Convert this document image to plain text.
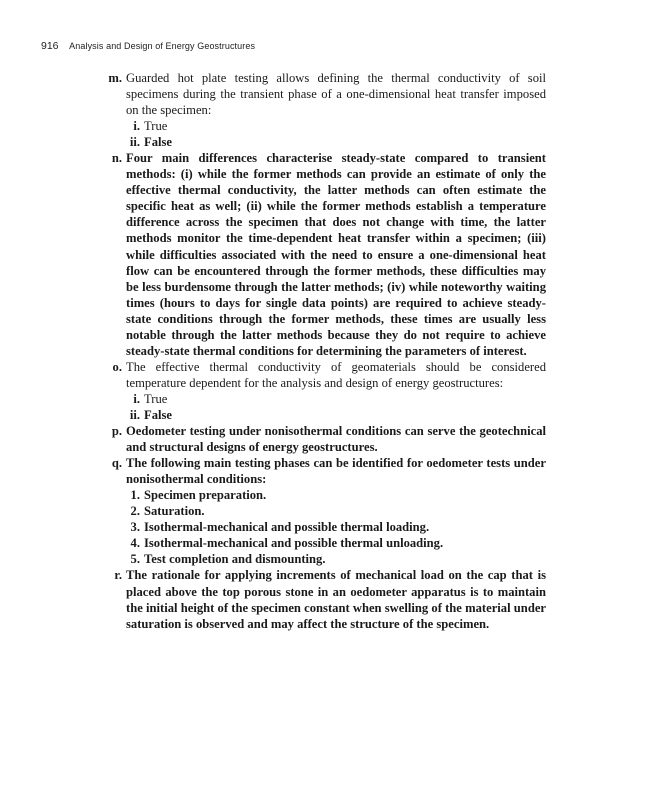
916 Analysis and Design of Energy Geostructures
m. Guarded hot plate testing allows defining the thermal conductivity of soil specimens during the transient phase of a one-dimensional heat transfer imposed on the specimen:
i. True
ii. False
n. Four main differences characterise steady-state compared to transient methods: (i) while the former methods can provide an estimate of only the effective thermal conductivity, the latter methods can often estimate the specific heat as well; (ii) while the former methods establish a temperature difference across the specimen that does not change with time, the latter methods monitor the time-dependent heat transfer within a specimen; (iii) while difficulties associated with the need to ensure a one-dimensional heat flow can be encountered through the former methods, these difficulties may be less burdensome through the latter methods; (iv) while noteworthy waiting times (hours to days for single data points) are required to achieve steady-state conditions through the former methods, these times are usually less notable through the latter methods because they do not require to achieve steady-state thermal conditions for determining the parameters of interest.
o. The effective thermal conductivity of geomaterials should be considered temperature dependent for the analysis and design of energy geostructures:
i. True
ii. False
p. Oedometer testing under nonisothermal conditions can serve the geotechnical and structural designs of energy geostructures.
q. The following main testing phases can be identified for oedometer tests under nonisothermal conditions:
1. Specimen preparation.
2. Saturation.
3. Isothermal-mechanical and possible thermal loading.
4. Isothermal-mechanical and possible thermal unloading.
5. Test completion and dismounting.
r. The rationale for applying increments of mechanical load on the cap that is placed above the top porous stone in an oedometer apparatus is to maintain the initial height of the specimen constant when swelling of the material under saturation is observed and may affect the structure of the specimen.
